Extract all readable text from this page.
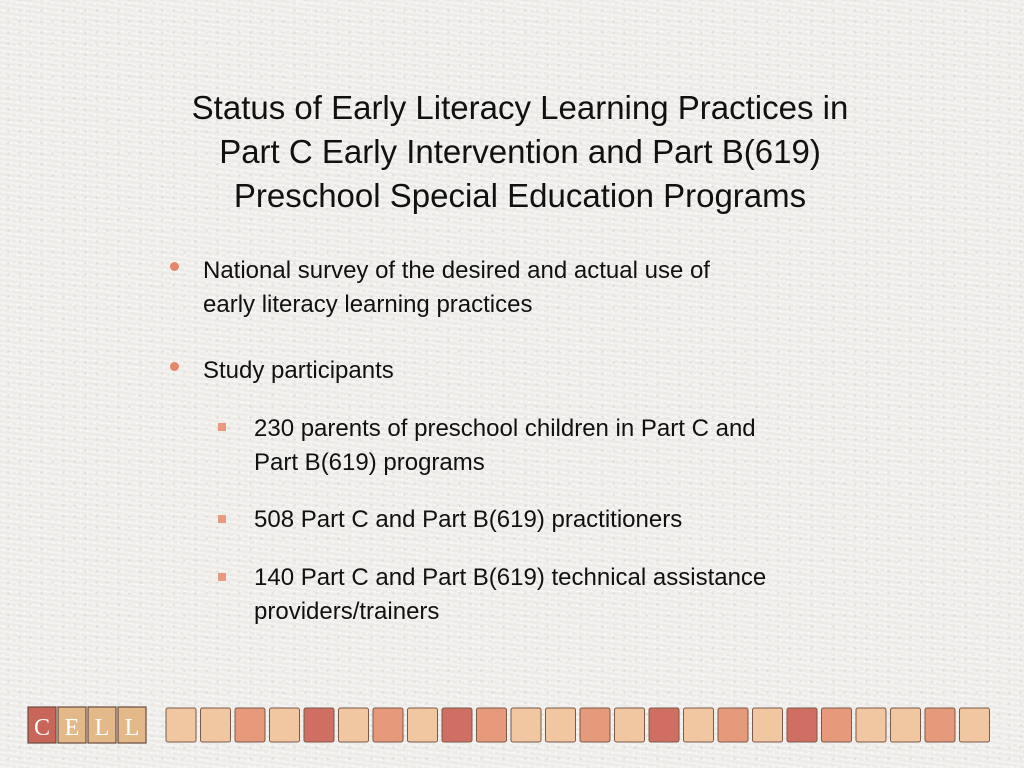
Status of Early Literacy Learning Practices in
Part C Early Intervention and Part B(619)
Preschool Special Education Programs
National survey of the desired and actual use of
early literacy learning practices
Study participants
230 parents of preschool children in Part C and
Part B(619) programs
508 Part C and Part B(619) practitioners
140 Part C and Part B(619) technical assistance
providers/trainers
C E L L
